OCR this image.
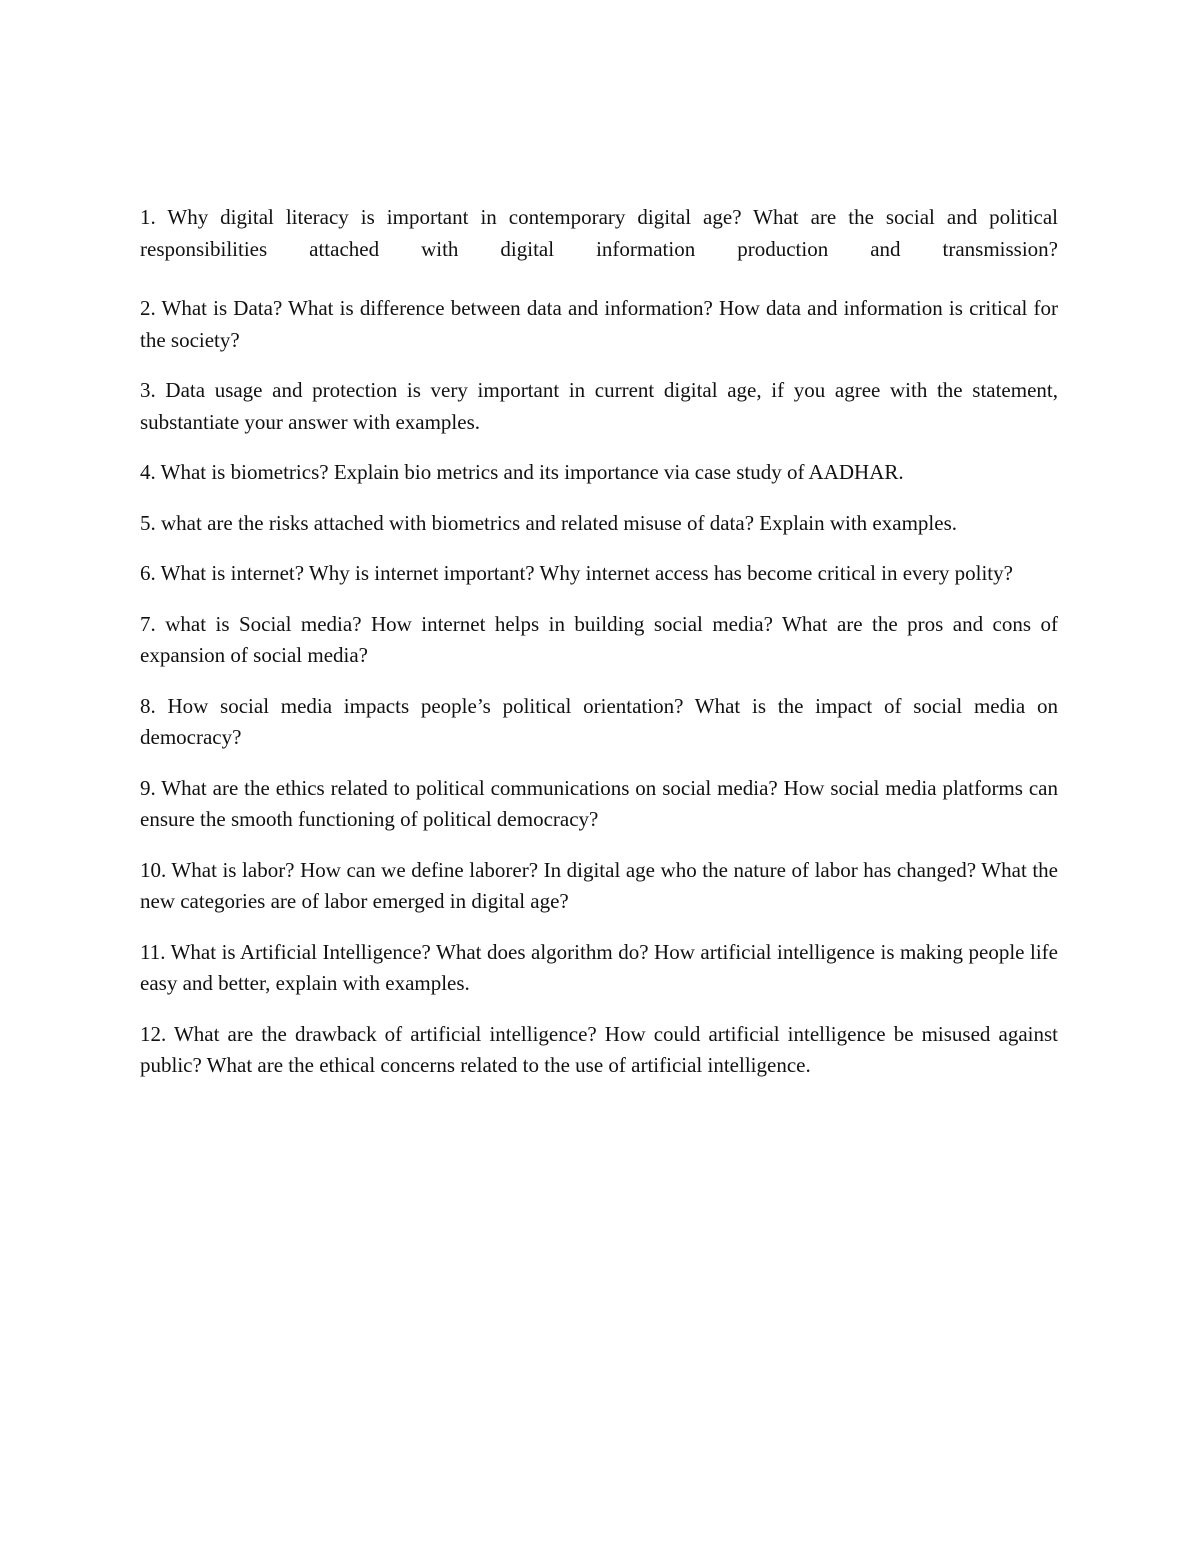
1. Why digital literacy is important in contemporary digital age? What are the social and political responsibilities attached with digital information production and transmission?
2. What is Data? What is difference between data and information? How data and information is critical for the society?
3. Data usage and protection is very important in current digital age, if you agree with the statement, substantiate your answer with examples.
4. What is biometrics? Explain bio metrics and its importance via case study of AADHAR.
5. what are the risks attached with biometrics and related misuse of data? Explain with examples.
6. What is internet? Why is internet important? Why internet access has become critical in every polity?
7. what is Social media? How internet helps in building social media? What are the pros and cons of expansion of social media?
8. How social media impacts people’s political orientation? What is the impact of social media on democracy?
9. What are the ethics related to political communications on social media? How social media platforms can ensure the smooth functioning of political democracy?
10. What is labor? How can we define laborer? In digital age who the nature of labor has changed? What the new categories are of labor emerged in digital age?
11. What is Artificial Intelligence? What does algorithm do? How artificial intelligence is making people life easy and better, explain with examples.
12. What are the drawback of artificial intelligence? How could artificial intelligence be misused against public? What are the ethical concerns related to the use of artificial intelligence.
